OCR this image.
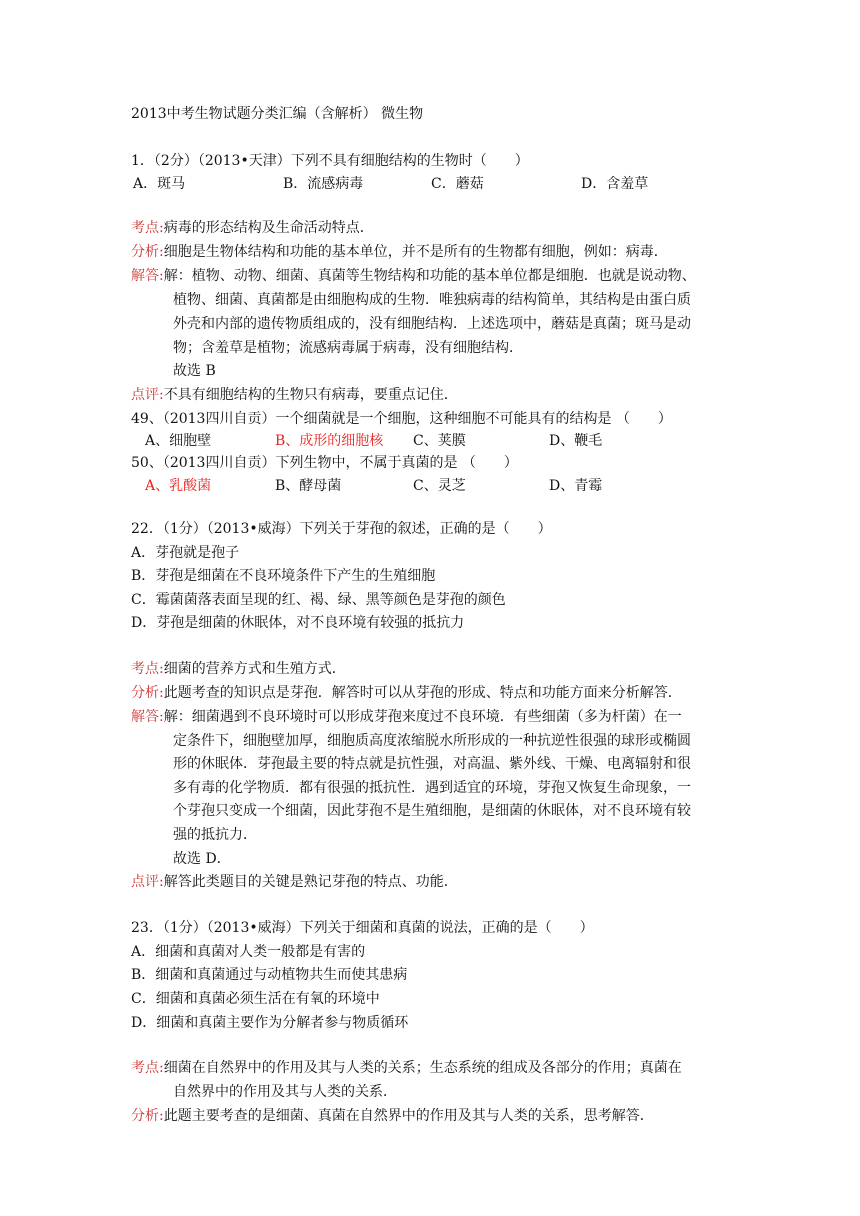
2013中考生物试题分类汇编（含解析） 微生物
1．（2分）（2013•天津）下列不具有细胞结构的生物时（　　）
A．斑马	B．流感病毒	C．蘑菇	D．含羞草
考点:病毒的形态结构及生命活动特点．
分析:细胞是生物体结构和功能的基本单位，并不是所有的生物都有细胞，例如：病毒．
解答:解：植物、动物、细菌、真菌等生物结构和功能的基本单位都是细胞．也就是说动物、
植物、细菌、真菌都是由细胞构成的生物．唯独病毒的结构简单，其结构是由蛋白质
外壳和内部的遗传物质组成的，没有细胞结构．上述选项中，蘑菇是真菌；斑马是动
物；含羞草是植物；流感病毒属于病毒，没有细胞结构．
故选 B
点评:不具有细胞结构的生物只有病毒，要重点记住．
49、（2013四川自贡）一个细菌就是一个细胞，这种细胞不可能具有的结构是 （　　）
A、细胞壁	B、成形的细胞核 C、荚膜	D、鞭毛
50、（2013四川自贡）下列生物中，不属于真菌的是 （　　）
A、乳酸菌	B、酵母菌	C、灵芝	D、青霉
22．（1分）（2013•威海）下列关于芽孢的叙述，正确的是（　　）
A．芽孢就是孢子
B．芽孢是细菌在不良环境条件下产生的生殖细胞
C．霉菌菌落表面呈现的红、褐、绿、黑等颜色是芽孢的颜色
D．芽孢是细菌的休眠体，对不良环境有较强的抵抗力
考点:细菌的营养方式和生殖方式．
分析:此题考查的知识点是芽孢．解答时可以从芽孢的形成、特点和功能方面来分析解答．
解答:解：细菌遇到不良环境时可以形成芽孢来度过不良环境．有些细菌（多为杆菌）在一
定条件下，细胞壁加厚，细胞质高度浓缩脱水所形成的一种抗逆性很强的球形或椭圆
形的休眠体．芽孢最主要的特点就是抗性强，对高温、紫外线、干燥、电离辐射和很
多有毒的化学物质．都有很强的抵抗性．遇到适宜的环境，芽孢又恢复生命现象，一
个芽孢只变成一个细菌，因此芽孢不是生殖细胞，是细菌的休眠体，对不良环境有较
强的抵抗力．
故选 D．
点评:解答此类题目的关键是熟记芽孢的特点、功能．
23．（1分）（2013•威海）下列关于细菌和真菌的说法，正确的是（　　）
A．细菌和真菌对人类一般都是有害的
B．细菌和真菌通过与动植物共生而使其患病
C．细菌和真菌必须生活在有氧的环境中
D．细菌和真菌主要作为分解者参与物质循环
考点:细菌在自然界中的作用及其与人类的关系；生态系统的组成及各部分的作用；真菌在
自然界中的作用及其与人类的关系．
分析:此题主要考查的是细菌、真菌在自然界中的作用及其与人类的关系，思考解答．
